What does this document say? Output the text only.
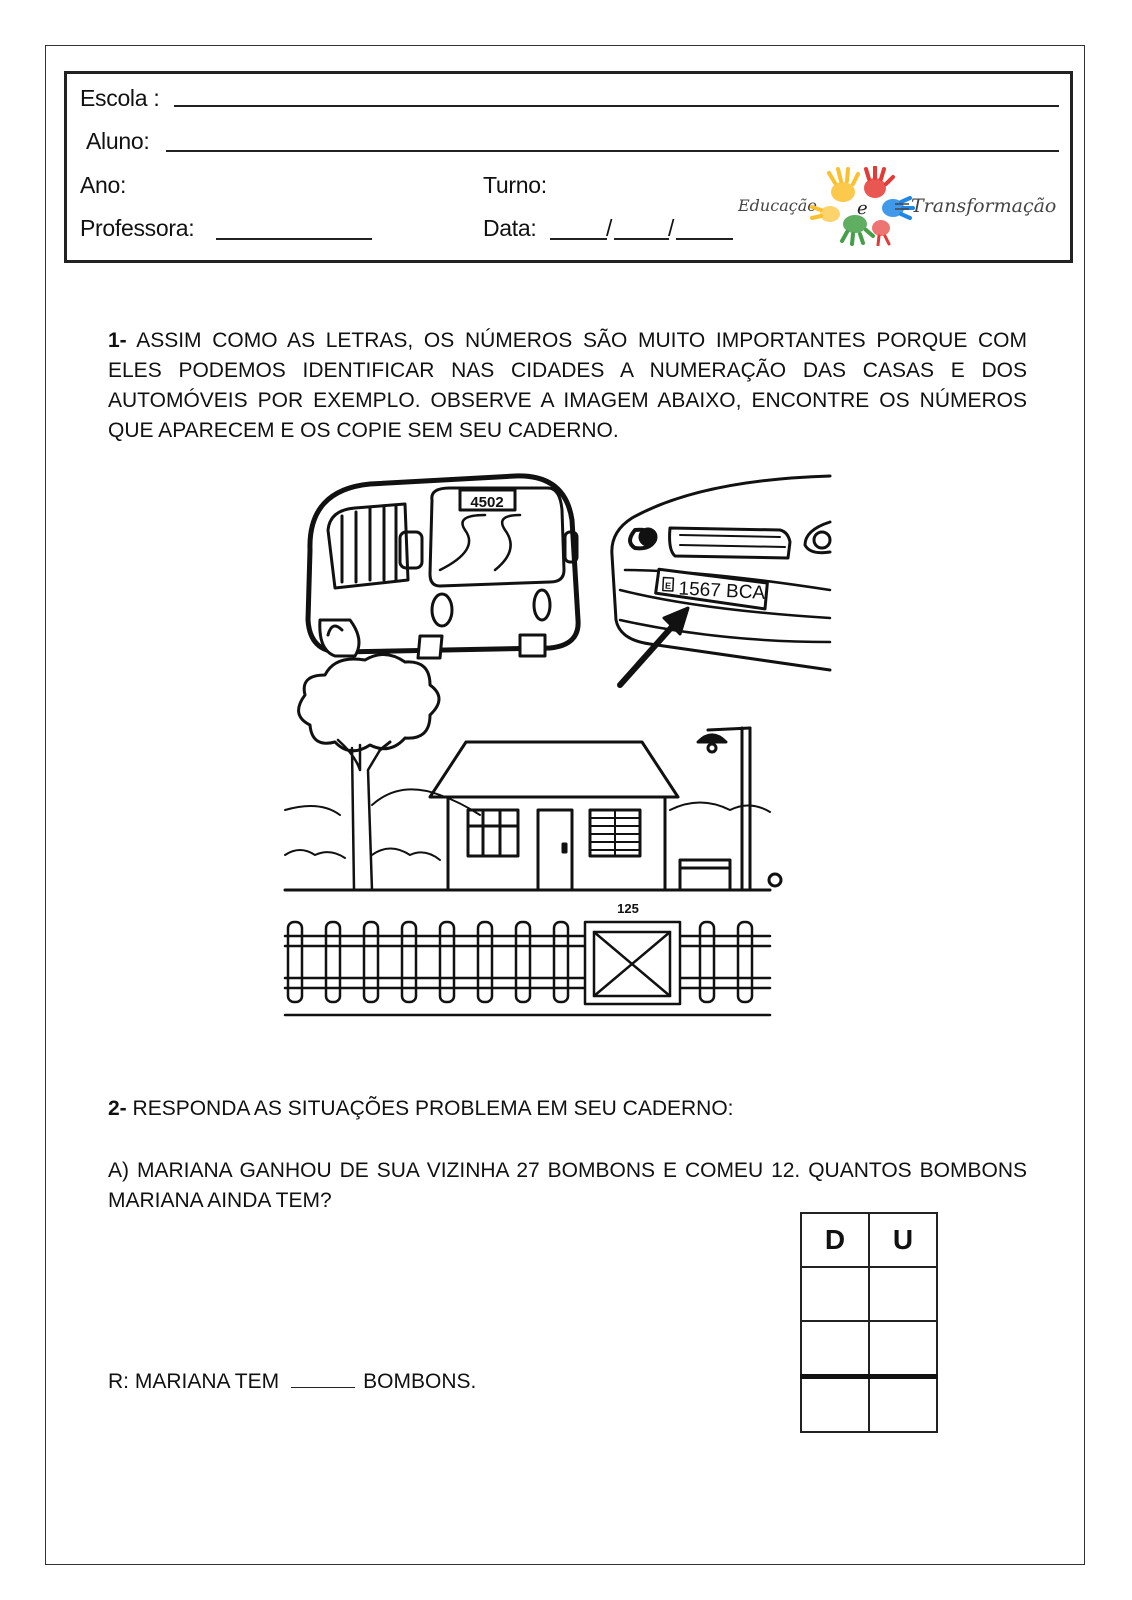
Escola :
Aluno:
Ano:	Turno:
Professora:	Data:	/ /
Educação e Transformação
1- ASSIM COMO AS LETRAS, OS NÚMEROS SÃO MUITO IMPORTANTES PORQUE COM ELES PODEMOS IDENTIFICAR NAS CIDADES A NUMERAÇÃO DAS CASAS E DOS AUTOMÓVEIS POR EXEMPLO. OBSERVE A IMAGEM ABAIXO, ENCONTRE OS NÚMEROS QUE APARECEM E OS COPIE SEM SEU CADERNO.
4502
E 1567 BCA
125
2- RESPONDA AS SITUAÇÕES PROBLEMA EM SEU CADERNO:
A) MARIANA GANHOU DE SUA VIZINHA 27 BOMBONS E COMEU 12. QUANTOS BOMBONS MARIANA AINDA TEM?
R: MARIANA TEM	BOMBONS.
D	U
